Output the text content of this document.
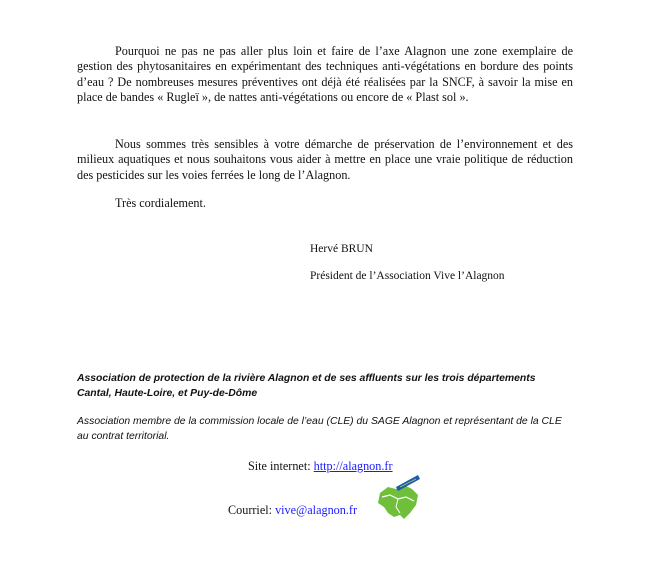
Pourquoi ne pas ne pas aller plus loin et faire de l’axe Alagnon une zone exemplaire de gestion des phytosanitaires en expérimentant des techniques anti-végétations en bordure des points d’eau ? De nombreuses mesures préventives ont déjà été réalisées par la SNCF, à savoir la mise en place de bandes « Rugleï », de nattes anti-végétations ou encore de « Plast sol ».

Nous sommes très sensibles à votre démarche de préservation de l’environnement et des milieux aquatiques et nous souhaitons vous aider à mettre en place une vraie politique de réduction des pesticides sur les voies ferrées le long de l’Alagnon.

Très cordialement.

Hervé BRUN

Président de l’Association Vive l’Alagnon

Association de protection de la rivière Alagnon et de ses affluents sur les trois départements

Cantal, Haute-Loire, et Puy-de-Dôme

Association membre de la commission locale de l’eau (CLE) du SAGE Alagnon et représentant de la CLE au contrat territorial.

Site internet: http://alagnon.fr

Courriel: vive@alagnon.fr
